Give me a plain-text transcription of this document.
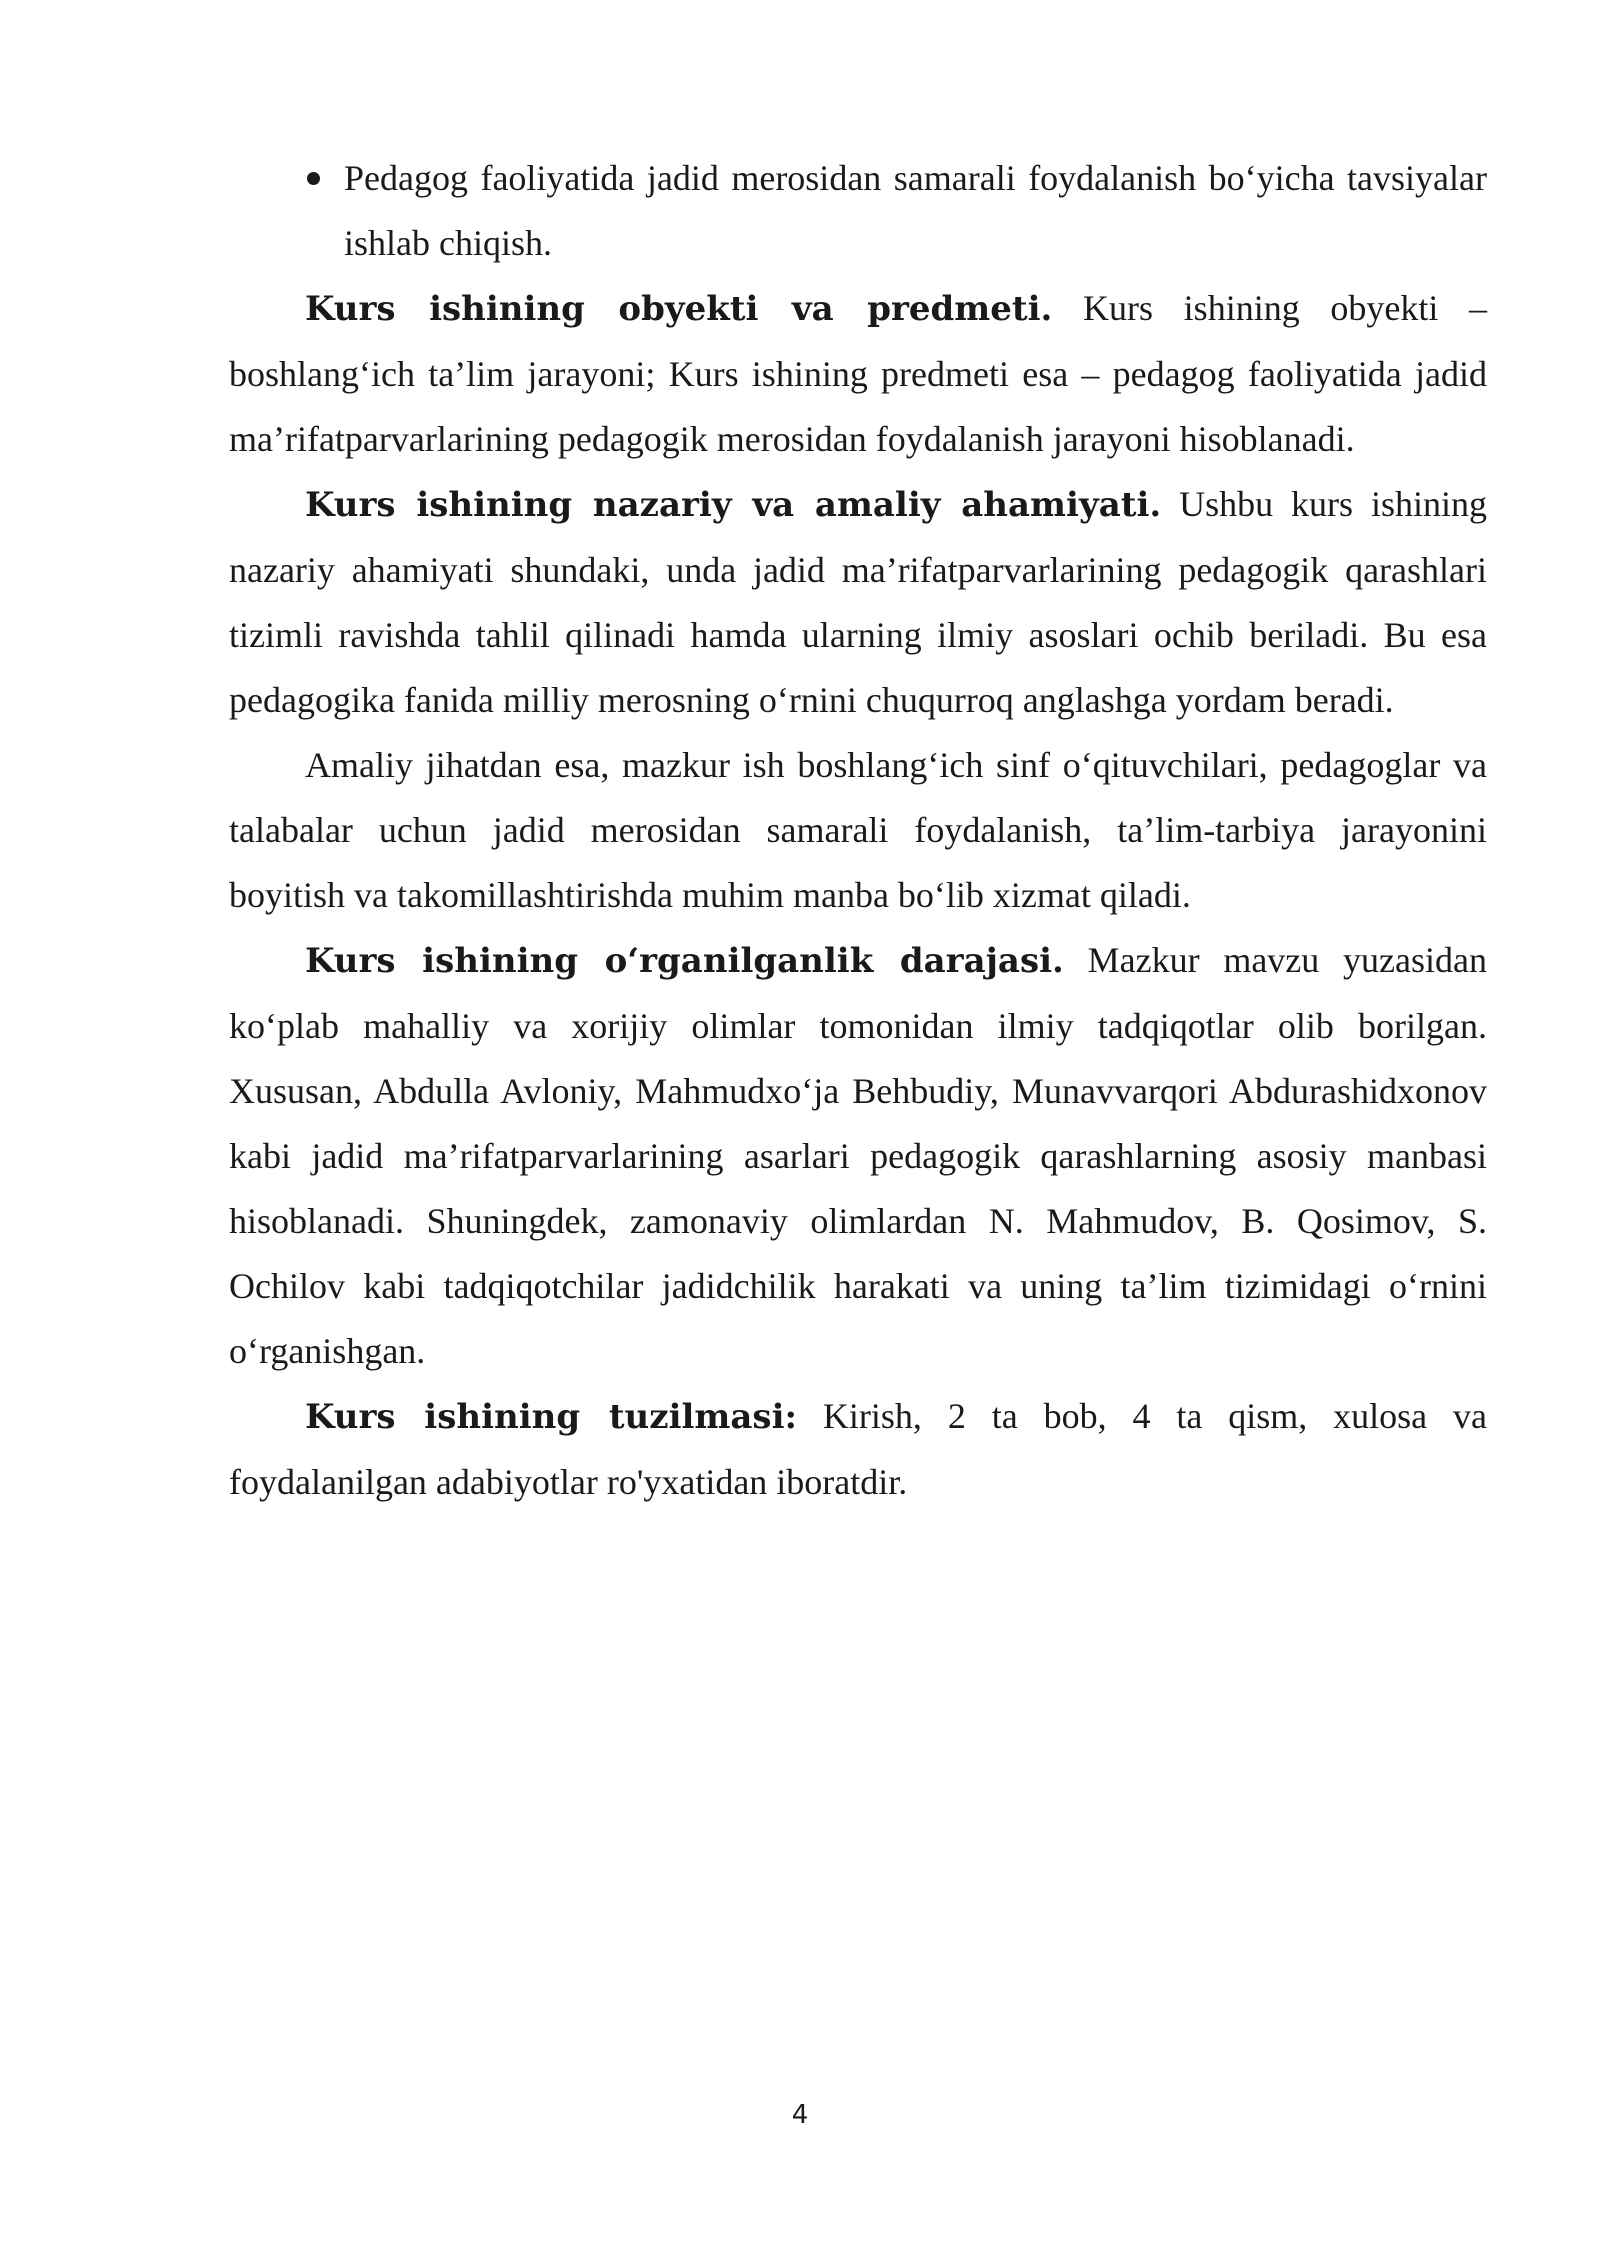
Pedagog faoliyatida jadid merosidan samarali foydalanish bo‘yicha tavsiyalar ishlab chiqish.

Kurs ishining obyekti va predmeti. Kurs ishining obyekti – boshlang‘ich ta’lim jarayoni; Kurs ishining predmeti esa – pedagog faoliyatida jadid ma’rifatparvarlarining pedagogik merosidan foydalanish jarayoni hisoblanadi.

Kurs ishining nazariy va amaliy ahamiyati. Ushbu kurs ishining nazariy ahamiyati shundaki, unda jadid ma’rifatparvarlarining pedagogik qarashlari tizimli ravishda tahlil qilinadi hamda ularning ilmiy asoslari ochib beriladi. Bu esa pedagogika fanida milliy merosning o‘rnini chuqurroq anglashga yordam beradi.

Amaliy jihatdan esa, mazkur ish boshlang‘ich sinf o‘qituvchilari, pedagoglar va talabalar uchun jadid merosidan samarali foydalanish, ta’lim-tarbiya jarayonini boyitish va takomillashtirishda muhim manba bo‘lib xizmat qiladi.

Kurs ishining o‘rganilganlik darajasi. Mazkur mavzu yuzasidan ko‘plab mahalliy va xorijiy olimlar tomonidan ilmiy tadqiqotlar olib borilgan. Xususan, Abdulla Avloniy, Mahmudxo‘ja Behbudiy, Munavvarqori Abdurashidxonov kabi jadid ma’rifatparvarlarining asarlari pedagogik qarashlarning asosiy manbasi hisoblanadi. Shuningdek, zamonaviy olimlardan N. Mahmudov, B. Qosimov, S. Ochilov kabi tadqiqotchilar jadidchilik harakati va uning ta’lim tizimidagi o‘rnini o‘rganishgan.

Kurs ishining tuzilmasi: Kirish, 2 ta bob, 4 ta qism, xulosa va foydalanilgan adabiyotlar ro'yxatidan iboratdir.

4
